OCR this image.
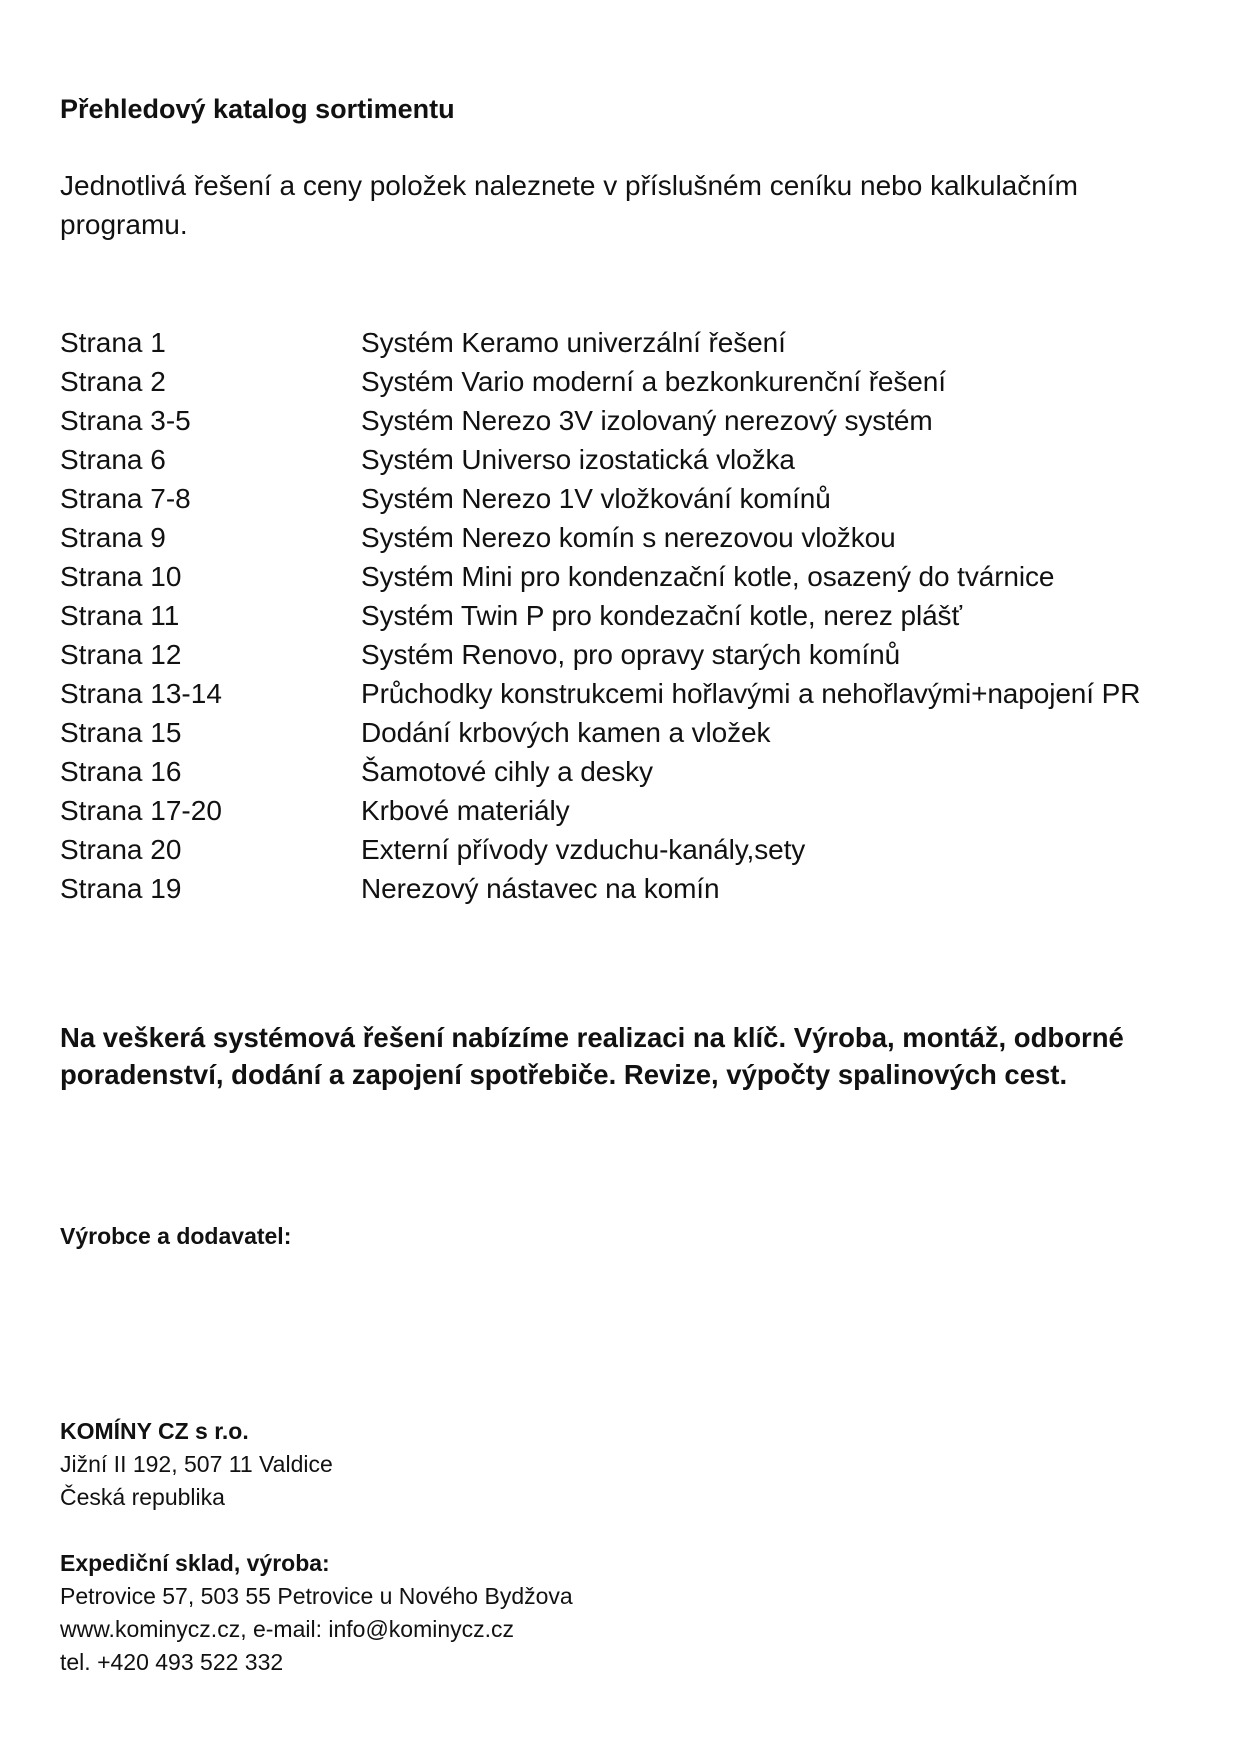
Přehledový katalog sortimentu
Jednotlivá řešení a ceny položek naleznete v příslušném ceníku nebo kalkulačním programu.
Strana 1	Systém Keramo univerzální řešení
Strana 2	Systém Vario moderní a bezkonkurenční řešení
Strana 3-5	Systém Nerezo 3V izolovaný nerezový systém
Strana 6	Systém Universo izostatická vložka
Strana 7-8	Systém Nerezo 1V vložkování komínů
Strana 9	Systém Nerezo komín s nerezovou vložkou
Strana 10	Systém Mini pro kondenzační kotle, osazený do tvárnice
Strana 11	Systém Twin P pro kondezační kotle, nerez plášť
Strana 12	Systém Renovo, pro opravy starých komínů
Strana 13-14	Průchodky konstrukcemi hořlavými a nehořlavými+napojení PR
Strana 15	Dodání krbových kamen a vložek
Strana 16	Šamotové cihly a desky
Strana 17-20	Krbové materiály
Strana 20	Externí přívody vzduchu-kanály,sety
Strana 19	Nerezový nástavec na komín
Na veškerá systémová řešení nabízíme realizaci na klíč. Výroba, montáž, odborné poradenství, dodání a zapojení spotřebiče. Revize, výpočty spalinových cest.
Výrobce a dodavatel:
KOMÍNY CZ s r.o.
Jižní II 192, 507 11 Valdice
Česká republika
Expediční sklad, výroba:
Petrovice 57, 503 55 Petrovice u Nového Bydžova
www.kominycz.cz, e-mail: info@kominycz.cz
tel. +420 493 522 332
